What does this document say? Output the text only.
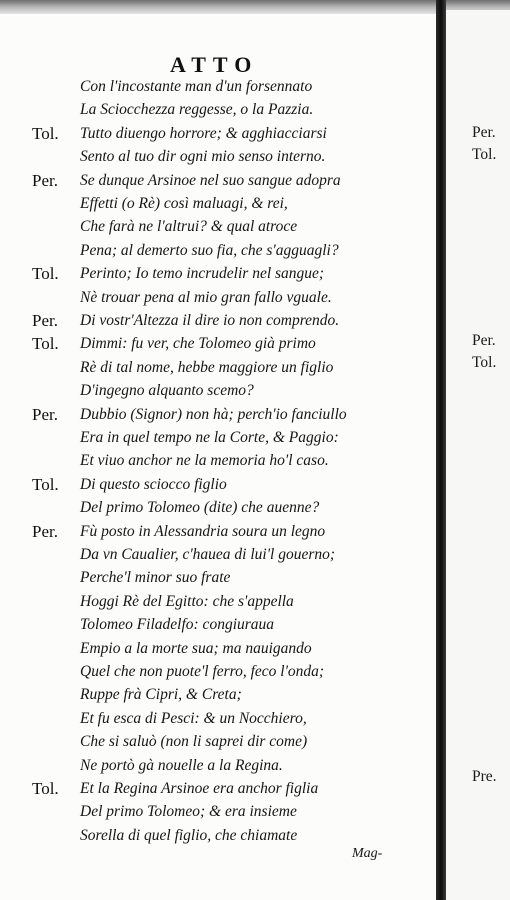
ATTO
Con l'incostante man d'un forsennato
La Sciocchezza reggesse, o la Pazzia.
Tol. Tutto diuengo horrore; & agghiacciarsi
Sento al tuo dir ogni mio senso interno.
Per. Se dunque Arsinoe nel suo sangue adopra
Effetti (o Rè) così maluagi, & rei,
Che farà ne l'altrui? & qual atroce
Pena; al demerto suo fia, che s'agguagli?
Tol. Perinto; Io temo incrudelir nel sangue;
Nè trouar pena al mio gran fallo vguale.
Per. Di vostr'Altezza il dire io non comprendo.
Tol. Dimmi: fu ver, che Tolomeo già primo
Rè di tal nome, hebbe maggiore un figlio
D'ingegno alquanto scemo?
Per. Dubbio (Signor) non hà; perch'io fanciullo
Era in quel tempo ne la Corte, & Paggio:
Et viuo anchor ne la memoria ho'l caso.
Tol. Di questo sciocco figlio
Del primo Tolomeo (dite) che auenne?
Per. Fù posto in Alessandria soura un legno
Da vn Caualier, c'hauea di lui'l gouerno;
Perche'l minor suo frate
Hoggi Rè del Egitto: che s'appella
Tolomeo Filadelfo: congiuraua
Empio a la morte sua; ma nauigando
Quel che non puote'l ferro, feco l'onda;
Ruppe frà Cipri, & Creta;
Et fu esca di Pesci: & un Nocchiero,
Che si saluò (non li saprei dir come)
Ne portò gà nouelle a la Regina.
Tol. Et la Regina Arsinoe era anchor figlia
Del primo Tolomeo; & era insieme
Sorella di quel figlio, che chiamate
Mag-
Per.
Tol.
Per.
Tol.
Pre.
